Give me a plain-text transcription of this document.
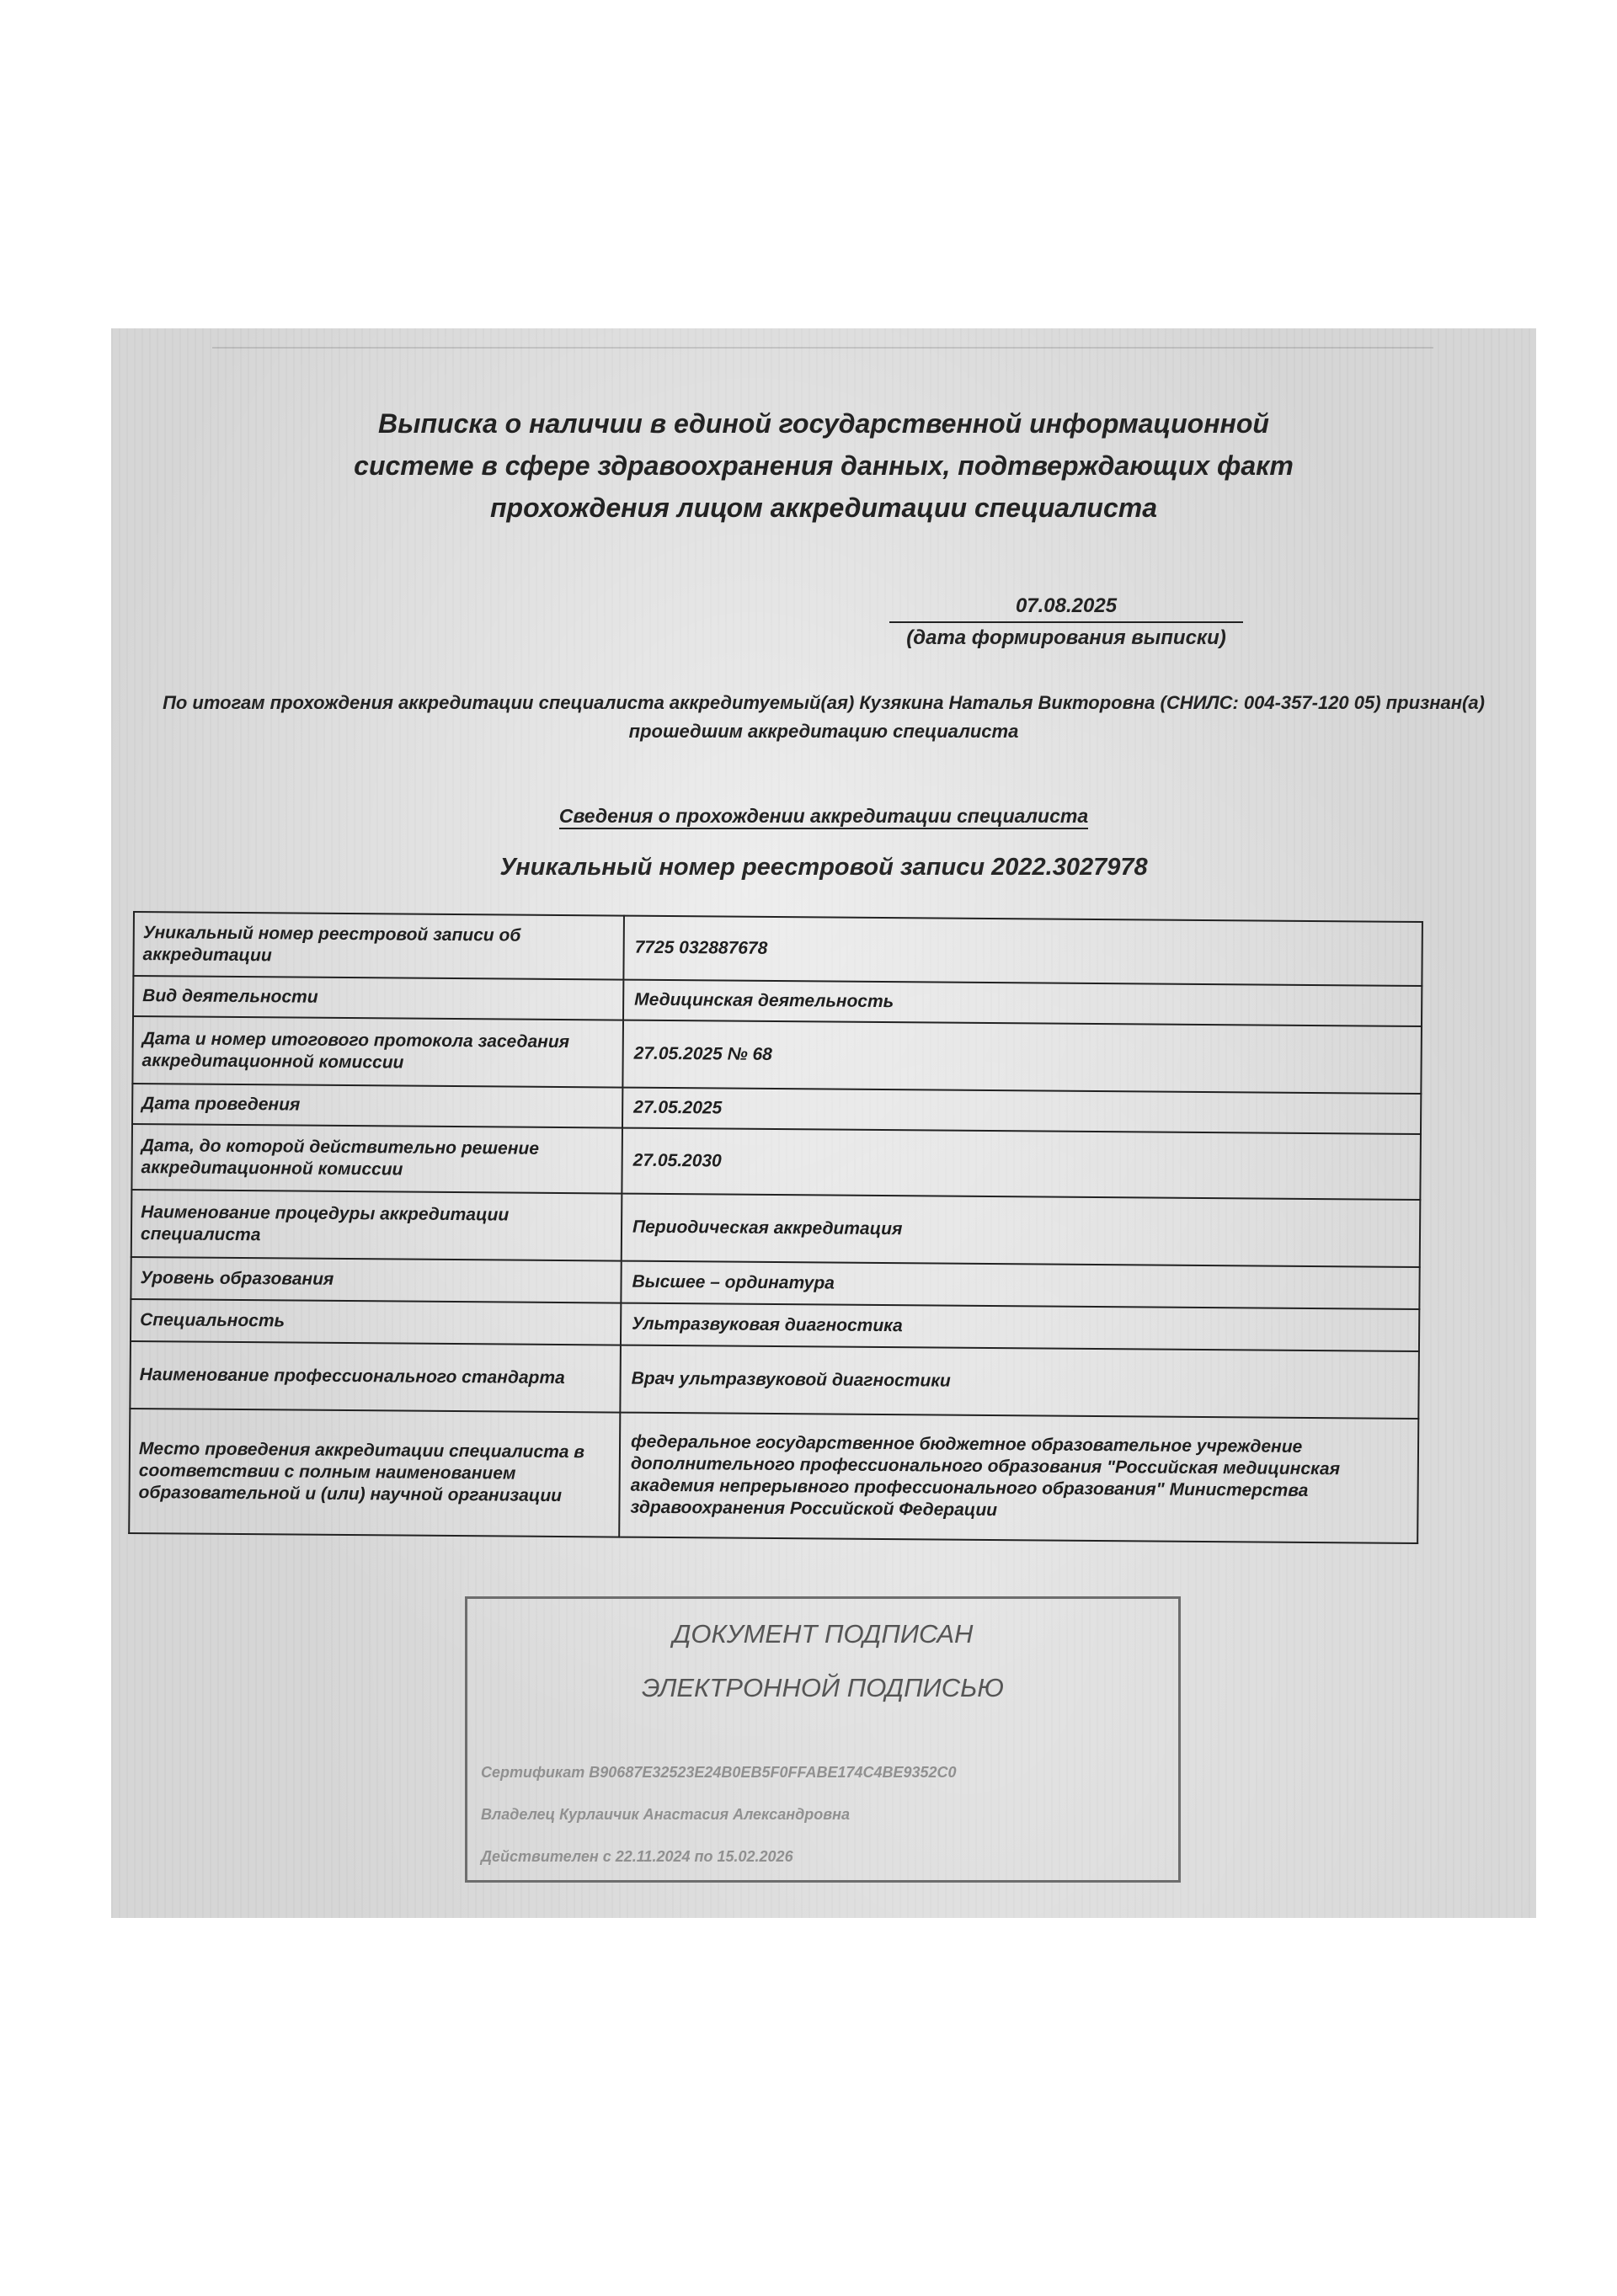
Выписка о наличии в единой государственной информационной
системе в сфере здравоохранения данных, подтверждающих факт
прохождения лицом аккредитации специалиста
07.08.2025
(дата формирования выписки)
По итогам прохождения аккредитации специалиста аккредитуемый(ая) Кузякина Наталья Викторовна (СНИЛС: 004-357-120 05) признан(а) прошедшим аккредитацию специалиста
Сведения о прохождении аккредитации специалиста
Уникальный номер реестровой записи 2022.3027978
Уникальный номер реестровой записи об аккредитации	7725 032887678
Вид деятельности	Медицинская деятельность
Дата и номер итогового протокола заседания аккредитационной комиссии	27.05.2025 № 68
Дата проведения	27.05.2025
Дата, до которой действительно решение аккредитационной комиссии	27.05.2030
Наименование процедуры аккредитации специалиста	Периодическая аккредитация
Уровень образования	Высшее – ординатура
Специальность	Ультразвуковая диагностика
Наименование профессионального стандарта	Врач ультразвуковой диагностики
Место проведения аккредитации специалиста в соответствии с полным наименованием образовательной и (или) научной организации	федеральное государственное бюджетное образовательное учреждение дополнительного профессионального образования "Российская медицинская академия непрерывного профессионального образования" Министерства здравоохранения Российской Федерации
ДОКУМЕНТ ПОДПИСАН
ЭЛЕКТРОННОЙ ПОДПИСЬЮ
Сертификат B90687E32523E24B0EB5F0FFABE174C4BE9352C0
Владелец Курлаичик Анастасия Александровна
Действителен с 22.11.2024 по 15.02.2026
